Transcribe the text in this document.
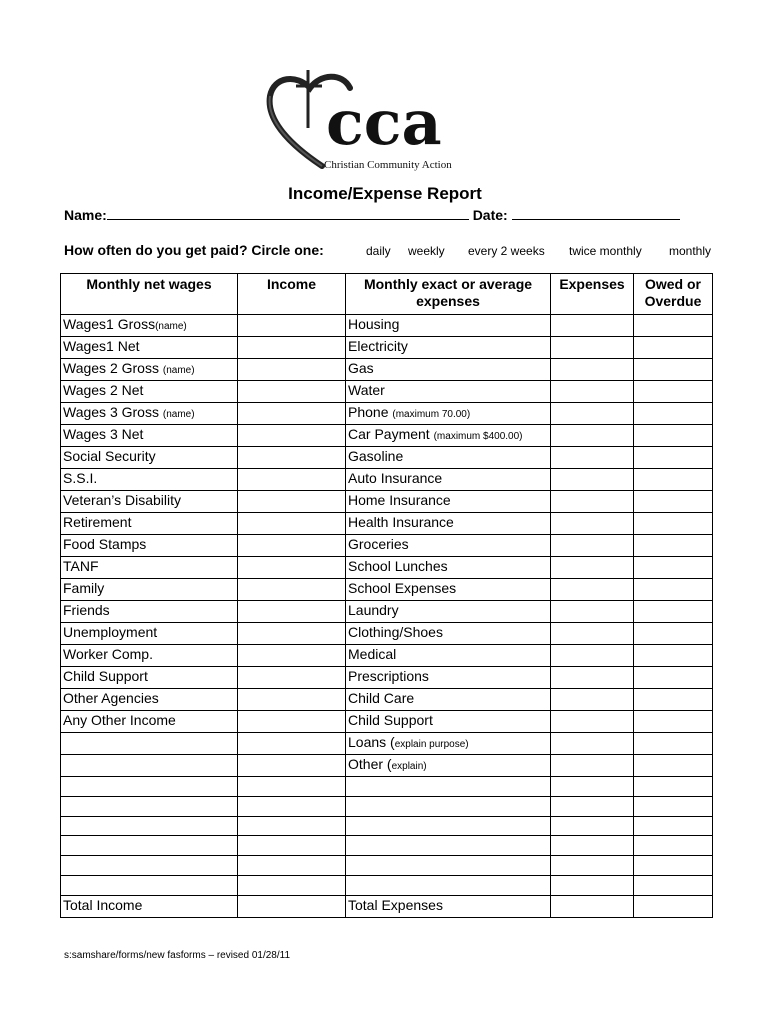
cca
Christian Community Action
Income/Expense Report
Name:	Date:
How often do you get paid? Circle one:	daily weekly every 2 weeks twice monthly monthly
Monthly net wages	Income	Monthly exact or average expenses	Expenses	Owed or Overdue
Wages1 Gross(name)		Housing		
Wages1 Net		Electricity		
Wages 2 Gross (name)		Gas		
Wages 2 Net		Water		
Wages 3 Gross (name)		Phone (maximum 70.00)		
Wages 3 Net		Car Payment (maximum $400.00)		
Social Security		Gasoline		
S.S.I.		Auto Insurance		
Veteran’s Disability		Home Insurance		
Retirement		Health Insurance		
Food Stamps		Groceries		
TANF		School Lunches		
Family		School Expenses		
Friends		Laundry		
Unemployment		Clothing/Shoes		
Worker Comp.		Medical		
Child Support		Prescriptions		
Other Agencies		Child Care		
Any Other Income		Child Support		
		Loans (explain purpose)		
		Other (explain)		

Total Income		Total Expenses		
s:samshare/forms/new fasforms – revised 01/28/11
